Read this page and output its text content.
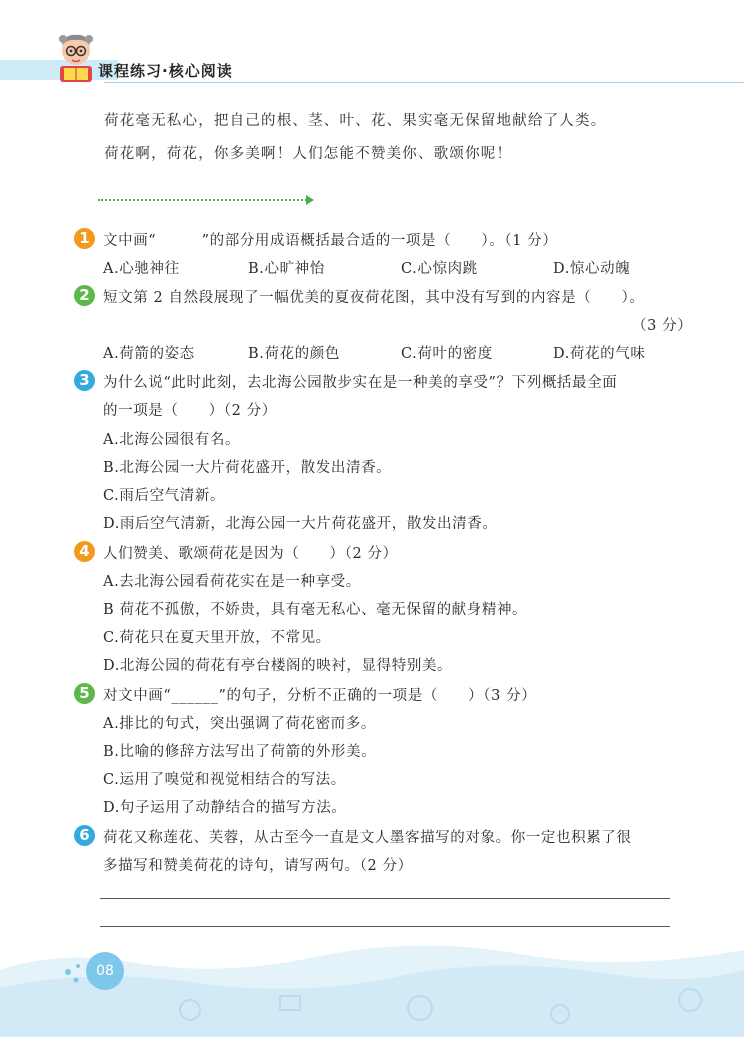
课程练习·核心阅读

荷花毫无私心，把自己的根、茎、叶、花、果实毫无保留地献给了人类。

荷花啊，荷花，你多美啊！人们怎能不赞美你、歌颂你呢！

1 文中画“　　　”的部分用成语概括最合适的一项是（　　）。（1 分）

A.心驰神往	B.心旷神怡	C.心惊肉跳	D.惊心动魄
2 短文第 2 自然段展现了一幅优美的夏夜荷花图，其中没有写到的内容是（　　）。

（3 分）

A.荷箭的姿态	B.荷花的颜色	C.荷叶的密度	D.荷花的气味
3 为什么说“此时此刻，去北海公园散步实在是一种美的享受”？下列概括最全面

的一项是（　　）（2 分）

A.北海公园很有名。

B.北海公园一大片荷花盛开，散发出清香。

C.雨后空气清新。

D.雨后空气清新，北海公园一大片荷花盛开，散发出清香。

4 人们赞美、歌颂荷花是因为（　　）（2 分）

A.去北海公园看荷花实在是一种享受。

B 荷花不孤傲，不娇贵，具有毫无私心、毫无保留的献身精神。

C.荷花只在夏天里开放，不常见。

D.北海公园的荷花有亭台楼阁的映衬，显得特别美。

5 对文中画“______”的句子，分析不正确的一项是（　　）（3 分）

A.排比的句式，突出强调了荷花密而多。

B.比喻的修辞方法写出了荷箭的外形美。

C.运用了嗅觉和视觉相结合的写法。

D.句子运用了动静结合的描写方法。

6 荷花又称莲花、芙蓉，从古至今一直是文人墨客描写的对象。你一定也积累了很

多描写和赞美荷花的诗句，请写两句。（2 分）

08
